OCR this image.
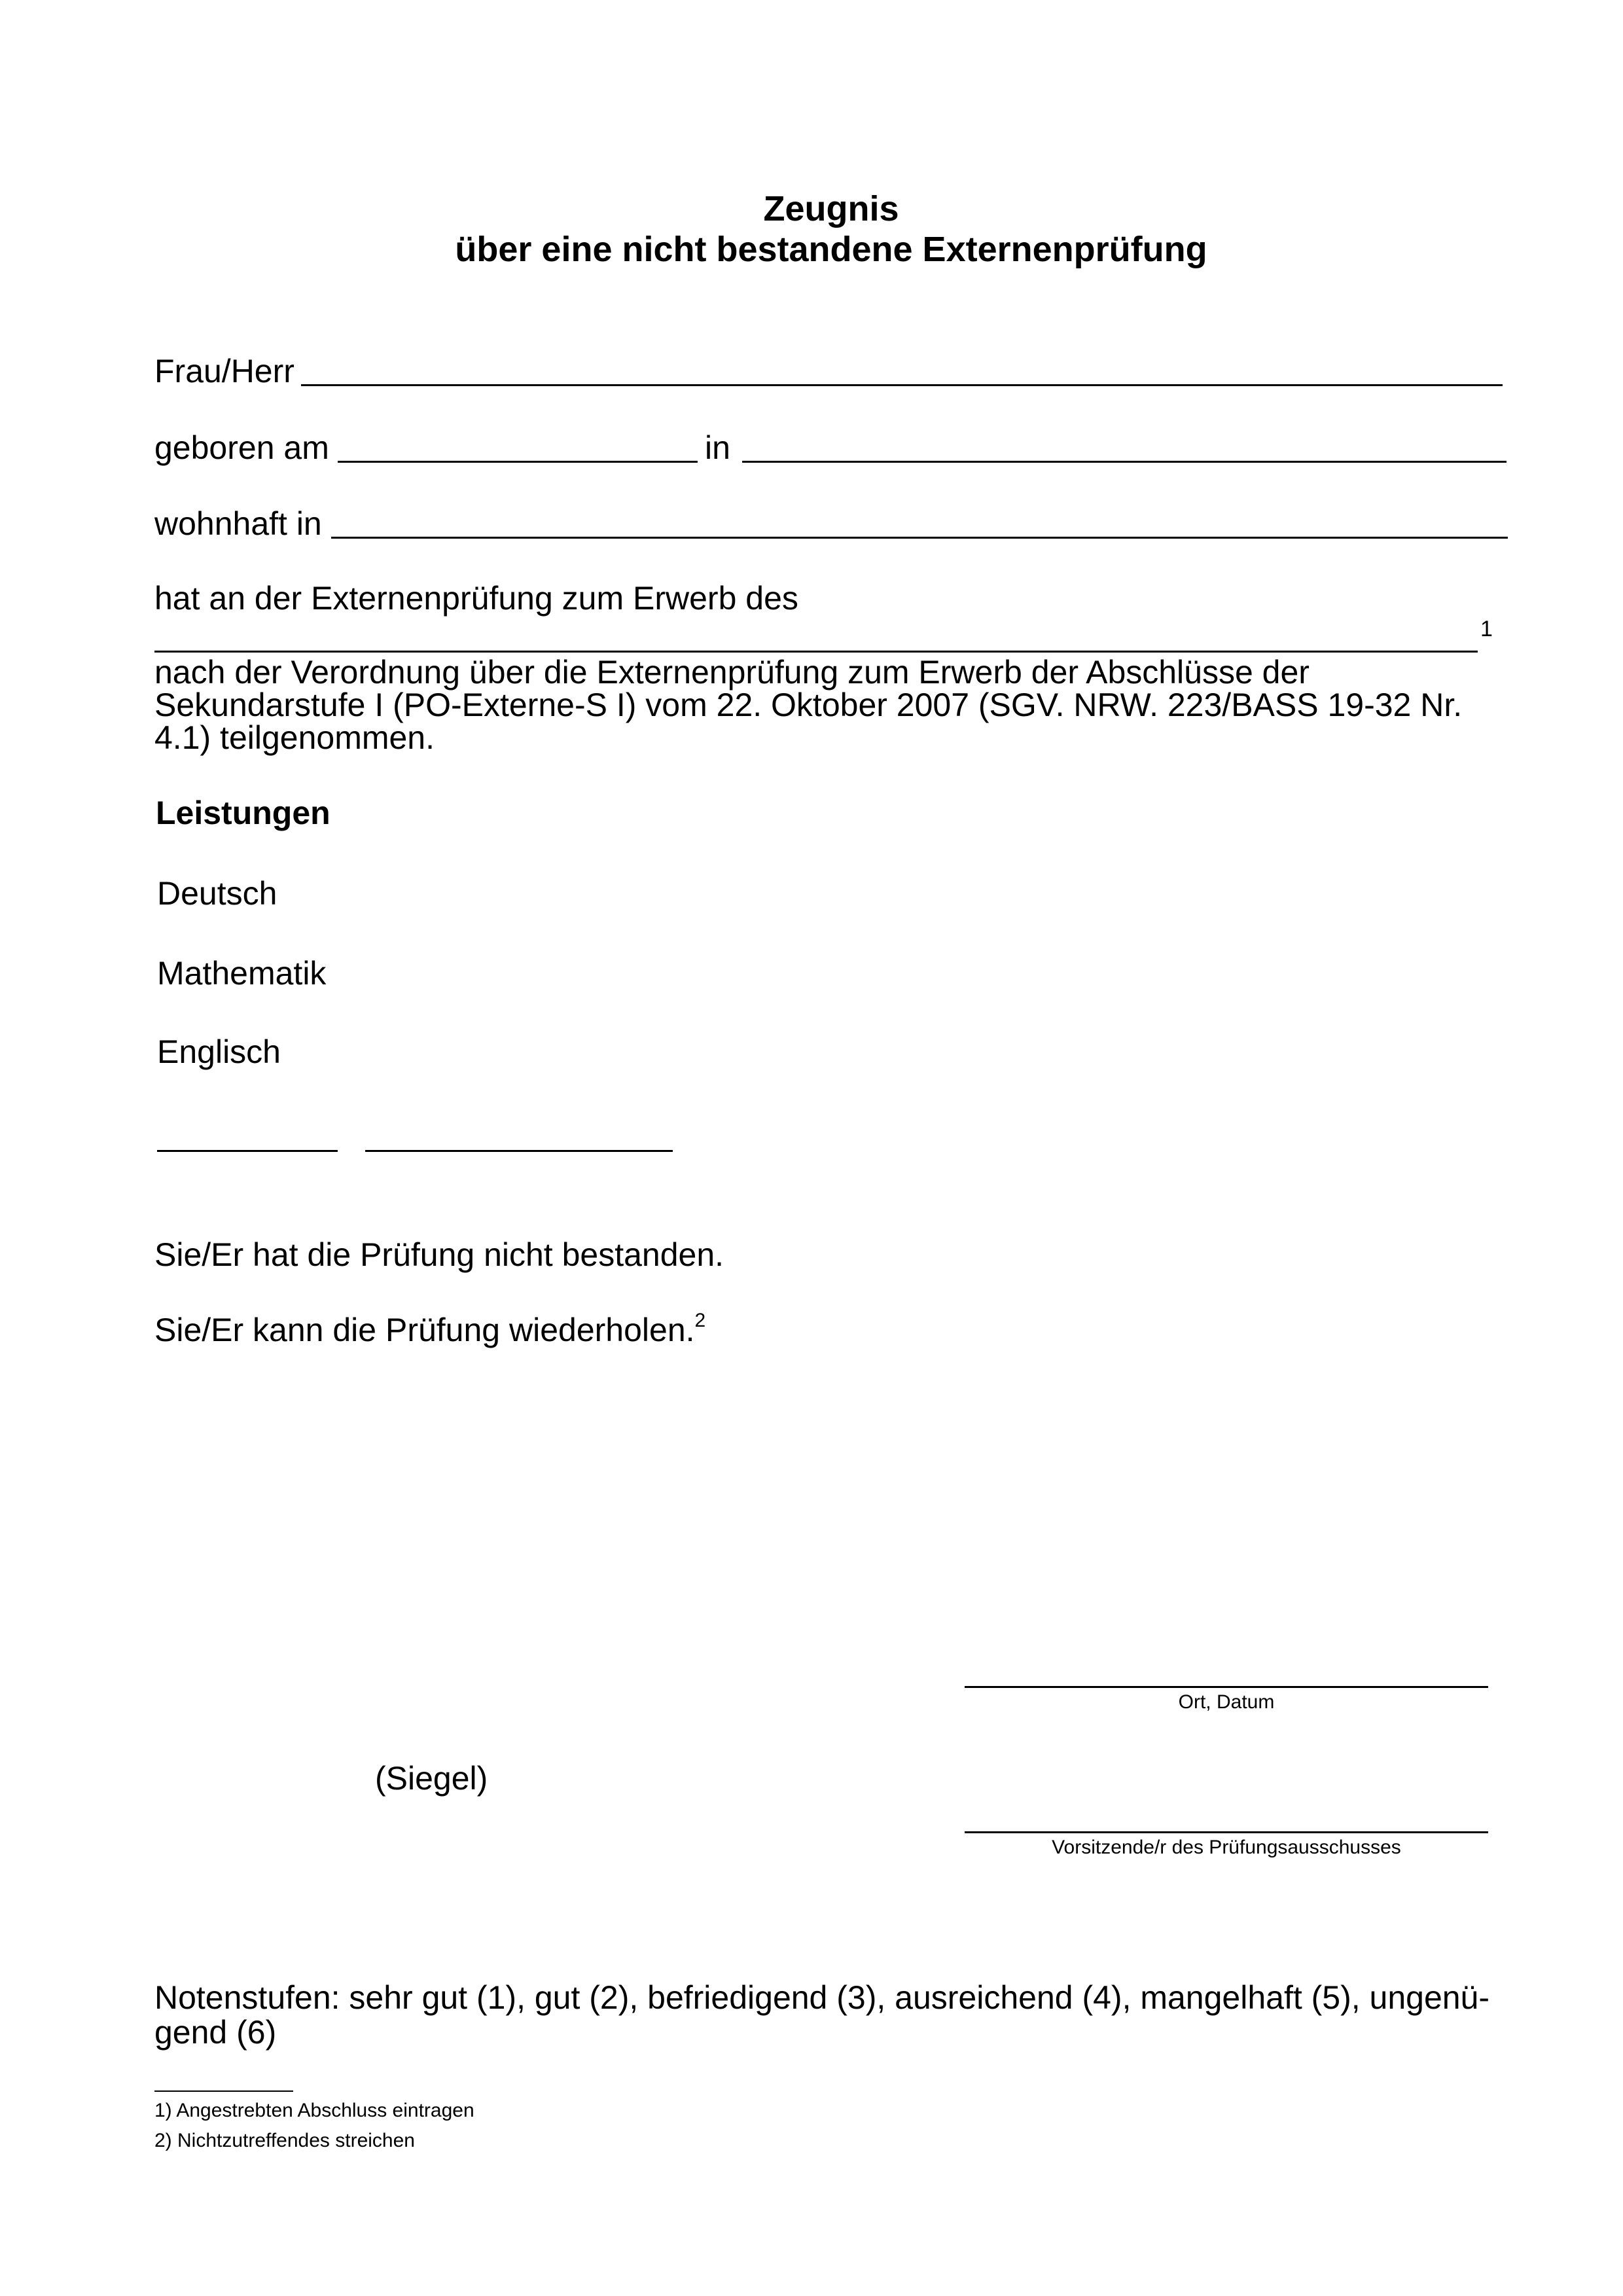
Zeugnis
über eine nicht bestandene Externenprüfung
Frau/Herr
geboren am	in
wohnhaft in
hat an der Externenprüfung zum Erwerb des
1
nach der Verordnung über die Externenprüfung zum Erwerb der Abschlüsse der
Sekundarstufe I (PO-Externe-S I) vom 22. Oktober 2007 (SGV. NRW. 223/BASS 19-32 Nr.
4.1) teilgenommen.
Leistungen
Deutsch
Mathematik
Englisch
Sie/Er hat die Prüfung nicht bestanden.
Sie/Er kann die Prüfung wiederholen.$^2$
Ort, Datum
(Siegel)
Vorsitzende/r des Prüfungsausschusses
Notenstufen: sehr gut (1), gut (2), befriedigend (3), ausreichend (4), mangelhaft (5), ungenü-
gend (6)
1) Angestrebten Abschluss eintragen
2) Nichtzutreffendes streichen
